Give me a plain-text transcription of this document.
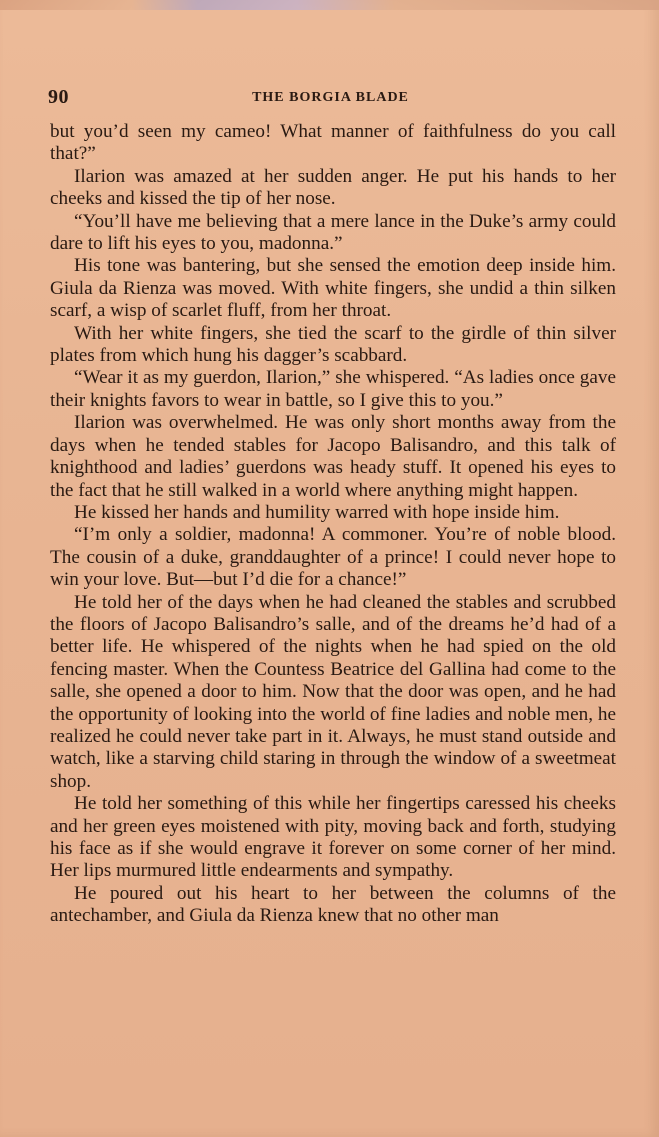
90	THE BORGIA BLADE

but you’d seen my cameo! What manner of faithfulness do you call that?”

Ilarion was amazed at her sudden anger. He put his hands to her cheeks and kissed the tip of her nose.

“You’ll have me believing that a mere lance in the Duke’s army could dare to lift his eyes to you, madonna.”

His tone was bantering, but she sensed the emotion deep inside him. Giula da Rienza was moved. With white fingers, she undid a thin silken scarf, a wisp of scarlet fluff, from her throat.

With her white fingers, she tied the scarf to the girdle of thin silver plates from which hung his dagger’s scabbard.

“Wear it as my guerdon, Ilarion,” she whispered. “As ladies once gave their knights favors to wear in battle, so I give this to you.”

Ilarion was overwhelmed. He was only short months away from the days when he tended stables for Jacopo Balisandro, and this talk of knighthood and ladies’ guerdons was heady stuff. It opened his eyes to the fact that he still walked in a world where anything might happen.

He kissed her hands and humility warred with hope inside him.

“I’m only a soldier, madonna! A commoner. You’re of noble blood. The cousin of a duke, granddaughter of a prince! I could never hope to win your love. But—but I’d die for a chance!”

He told her of the days when he had cleaned the stables and scrubbed the floors of Jacopo Balisandro’s salle, and of the dreams he’d had of a better life. He whispered of the nights when he had spied on the old fencing master. When the Countess Beatrice del Gallina had come to the salle, she opened a door to him. Now that the door was open, and he had the opportunity of looking into the world of fine ladies and noble men, he realized he could never take part in it. Always, he must stand outside and watch, like a starving child staring in through the window of a sweetmeat shop.

He told her something of this while her fingertips caressed his cheeks and her green eyes moistened with pity, moving back and forth, studying his face as if she would engrave it forever on some corner of her mind. Her lips murmured little endearments and sympathy.

He poured out his heart to her between the columns of the antechamber, and Giula da Rienza knew that no other man
